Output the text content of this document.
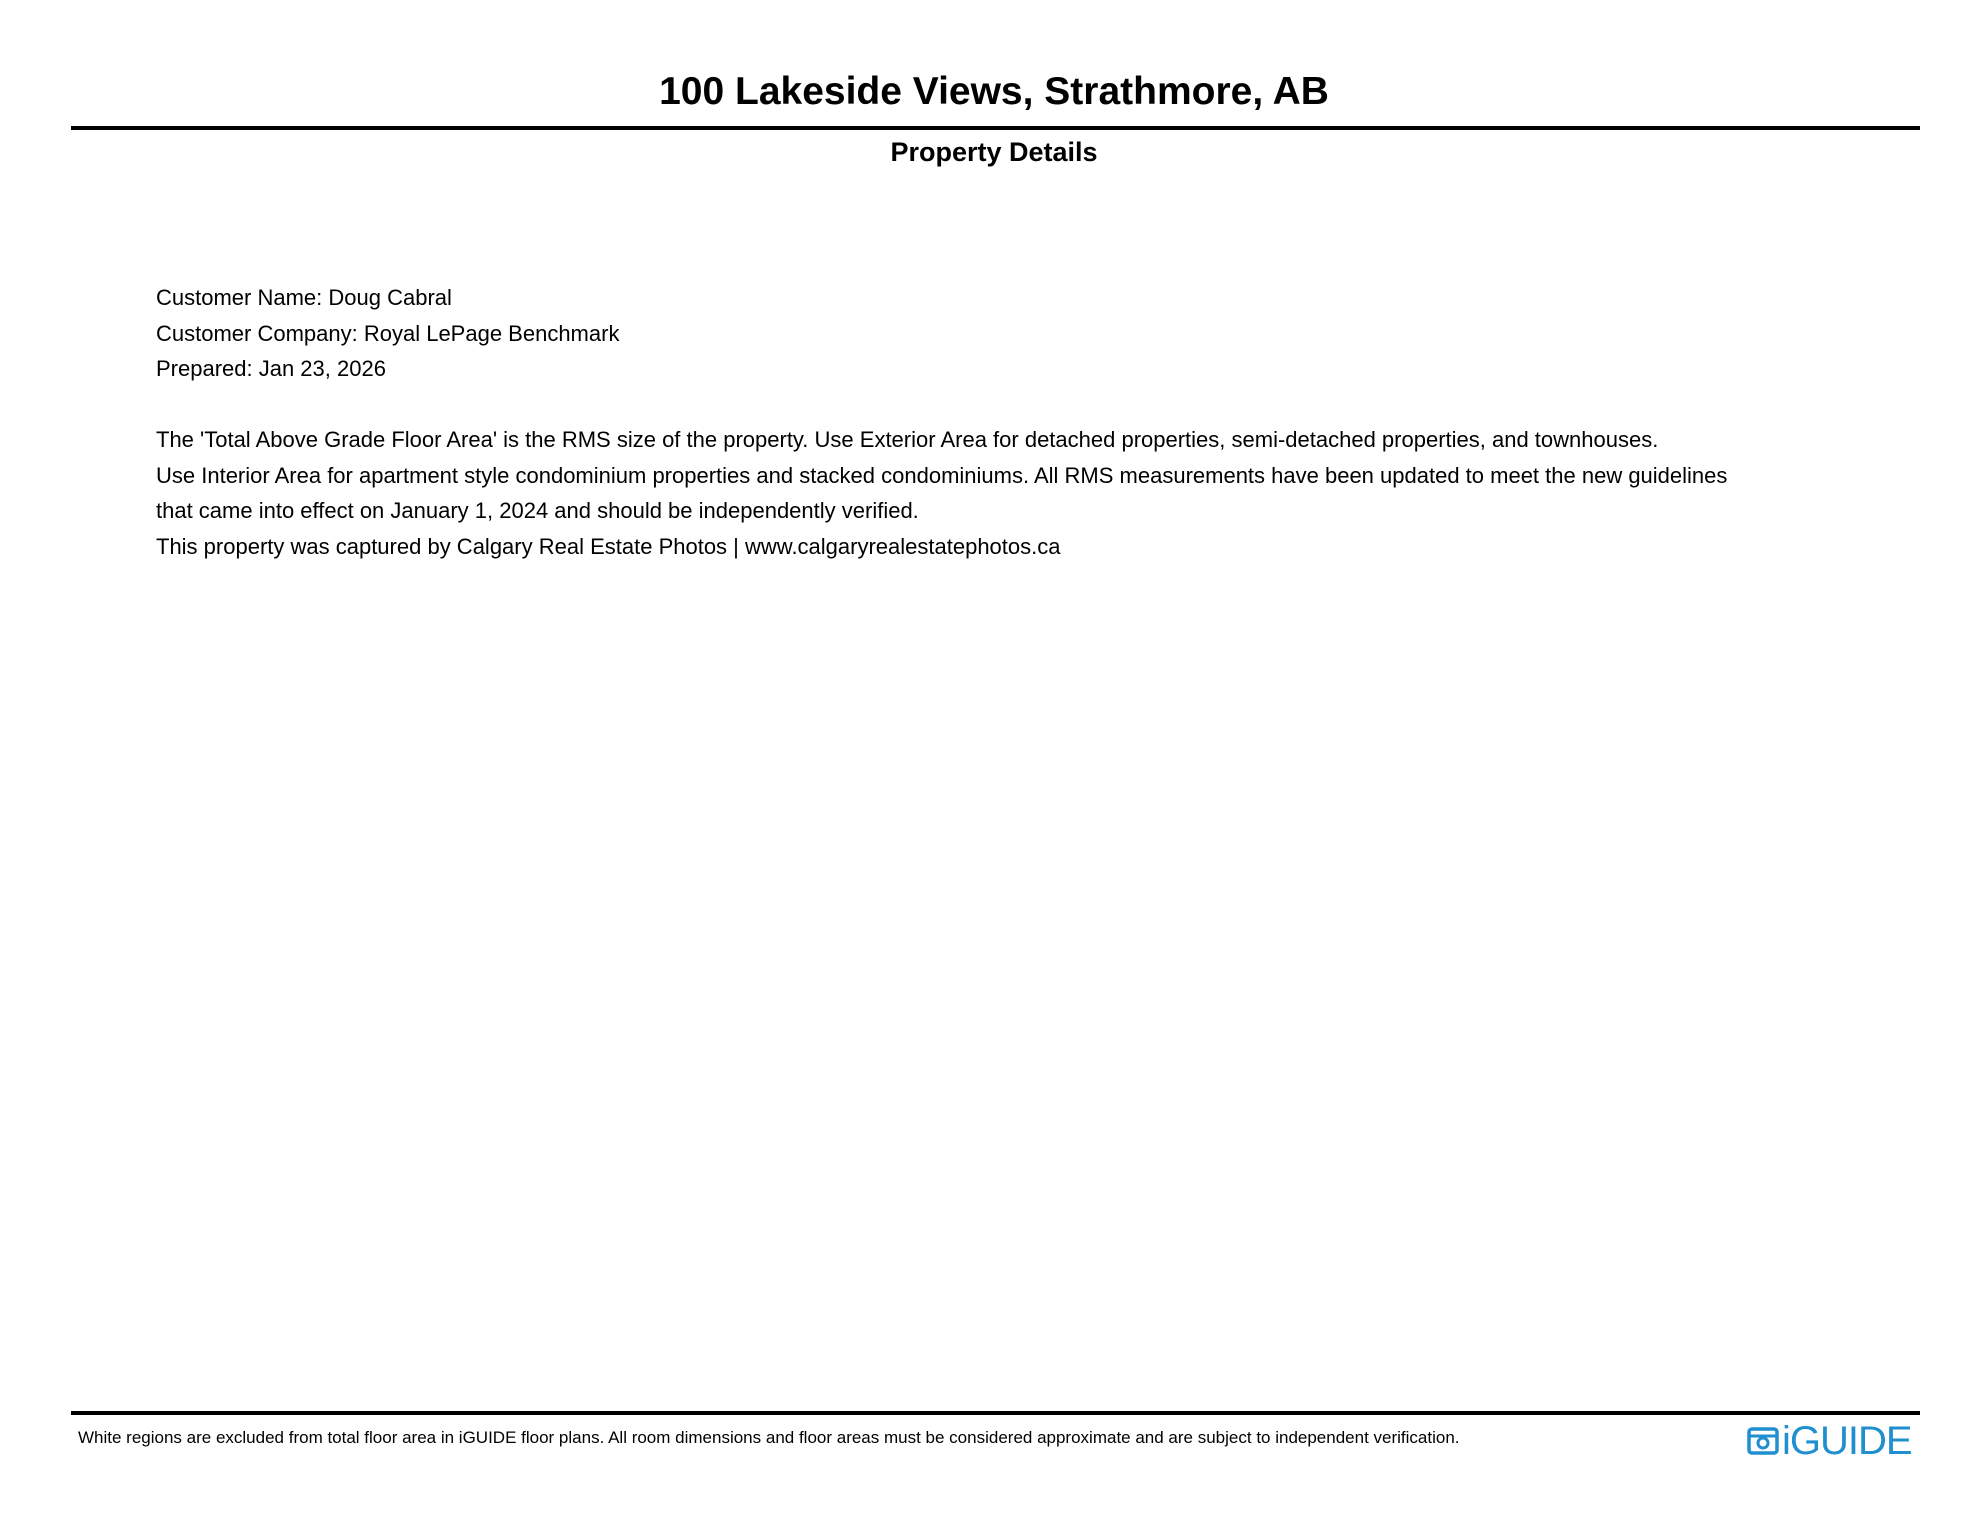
100 Lakeside Views, Strathmore, AB
Property Details
Customer Name: Doug Cabral
Customer Company: Royal LePage Benchmark
Prepared: Jan 23, 2026
The 'Total Above Grade Floor Area' is the RMS size of the property. Use Exterior Area for detached properties, semi-detached properties, and townhouses.
Use Interior Area for apartment style condominium properties and stacked condominiums. All RMS measurements have been updated to meet the new guidelines
that came into effect on January 1, 2024 and should be independently verified.
This property was captured by Calgary Real Estate Photos | www.calgaryrealestatephotos.ca
White regions are excluded from total floor area in iGUIDE floor plans. All room dimensions and floor areas must be considered approximate and are subject to independent verification.	iGUIDE
